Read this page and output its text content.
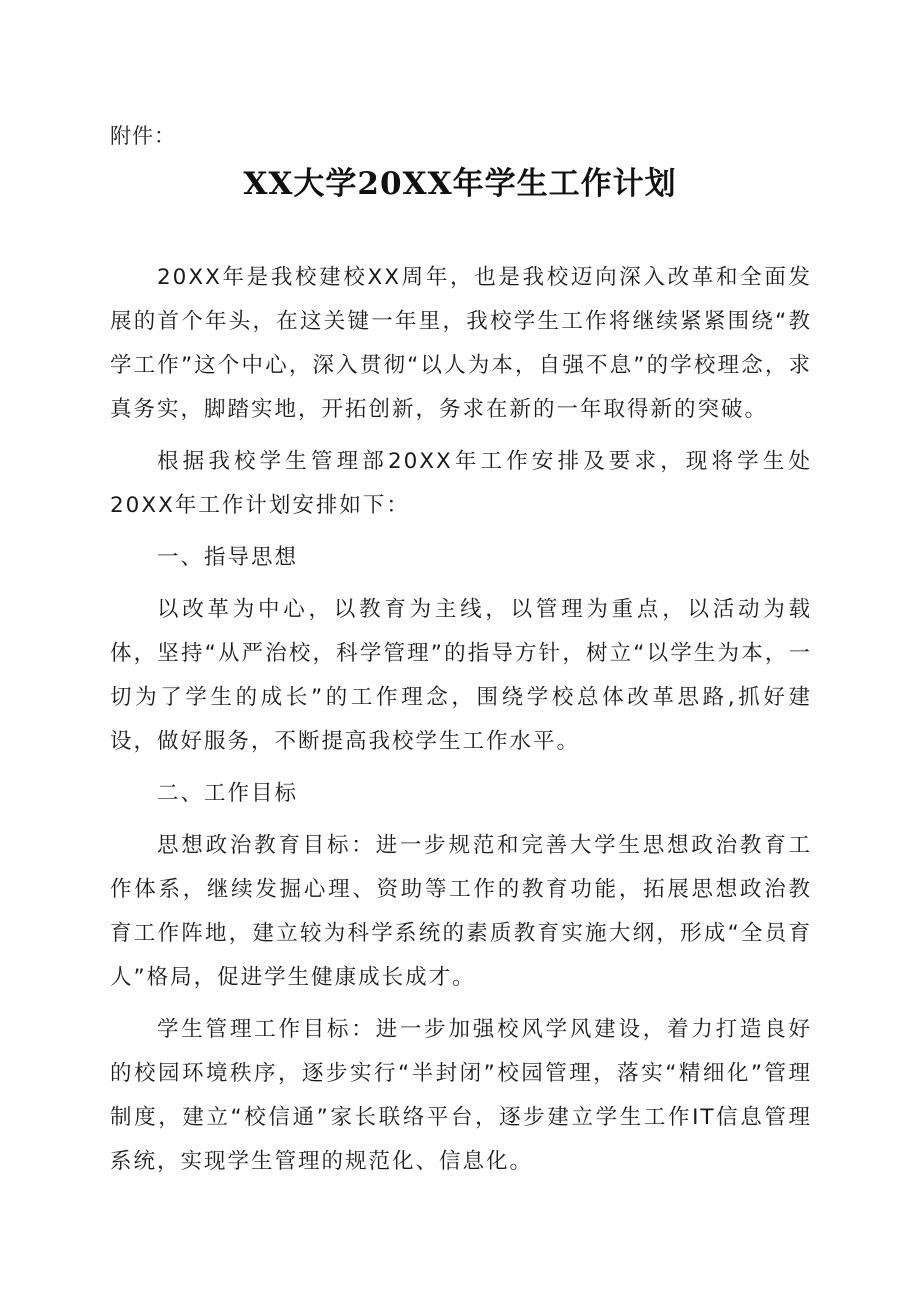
附件：
XX大学20XX年学生工作计划

20XX年是我校建校XX周年，也是我校迈向深入改革和全面发展的首个年头，在这关键一年里，我校学生工作将继续紧紧围绕“教学工作”这个中心，深入贯彻“以人为本，自强不息”的学校理念，求真务实，脚踏实地，开拓创新，务求在新的一年取得新的突破。

根据我校学生管理部20XX年工作安排及要求，现将学生处20XX年工作计划安排如下：

一、指导思想

以改革为中心，以教育为主线，以管理为重点，以活动为载体，坚持“从严治校，科学管理”的指导方针，树立“以学生为本，一切为了学生的成长”的工作理念，围绕学校总体改革思路,抓好建设，做好服务，不断提高我校学生工作水平。

二、工作目标

思想政治教育目标：进一步规范和完善大学生思想政治教育工作体系，继续发掘心理、资助等工作的教育功能，拓展思想政治教育工作阵地，建立较为科学系统的素质教育实施大纲，形成“全员育人”格局，促进学生健康成长成才。

学生管理工作目标：进一步加强校风学风建设，着力打造良好的校园环境秩序，逐步实行“半封闭”校园管理，落实“精细化”管理制度，建立“校信通”家长联络平台，逐步建立学生工作IT信息管理系统，实现学生管理的规范化、信息化。
